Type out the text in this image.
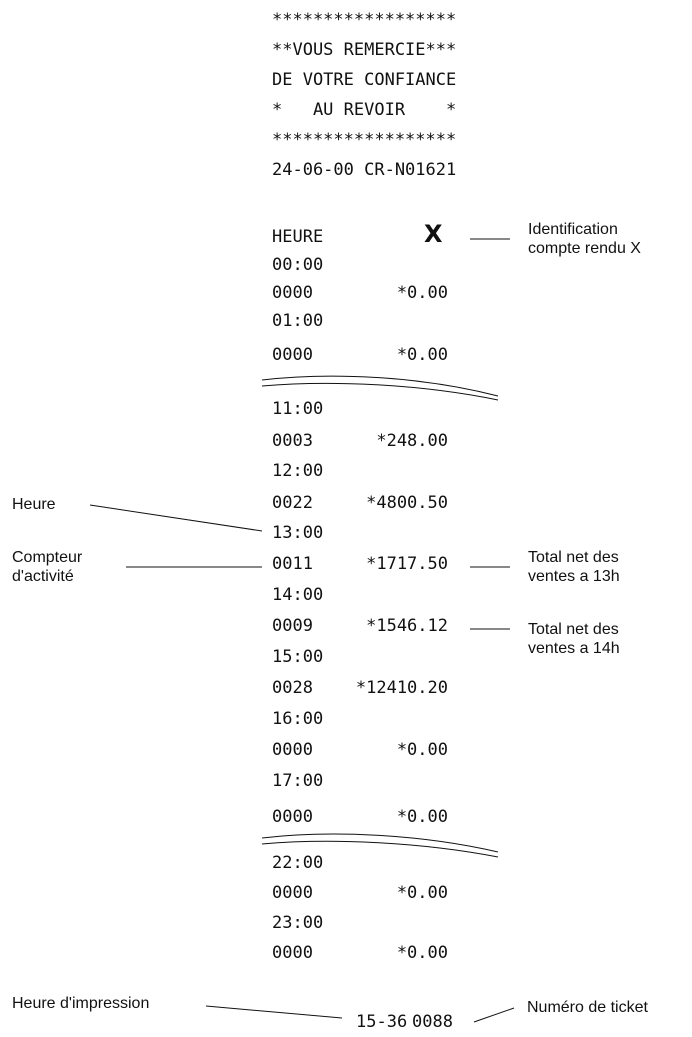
******************
**VOUS REMERCIE***
DE VOTRE CONFIANCE
*   AU REVOIR    *
******************
24-06-00 CR-N01621
HEURE	X
00:00
0000	*0.00
01:00
0000	*0.00
11:00
0003	*248.00
12:00
0022	*4800.50
13:00
0011	*1717.50
14:00
0009	*1546.12
15:00
0028	*12410.20
16:00
0000	*0.00
17:00
0000	*0.00
22:00
0000	*0.00
23:00
0000	*0.00
15-36 0088
Identification
compte rendu X
Heure
Compteur
d'activité
Total net des
ventes a 13h
Total net des
ventes a 14h
Heure d'impression	Numéro de ticket
